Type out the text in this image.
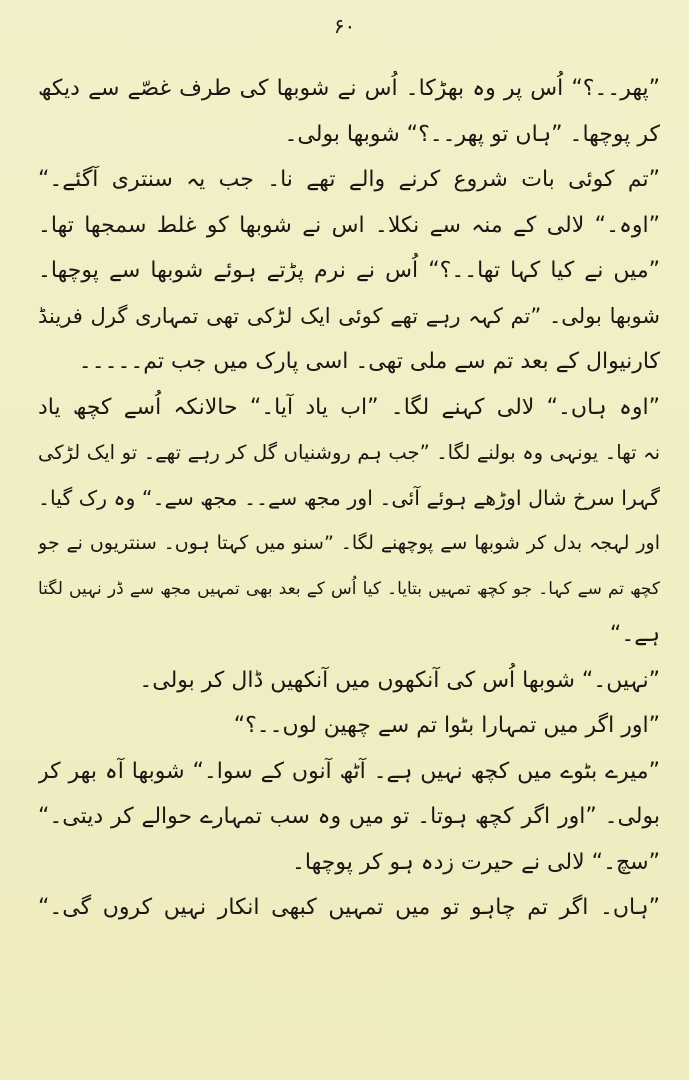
۶۰
”پھر۔۔؟“ اُس پر وہ بھڑکا۔ اُس نے شوبھا کی طرف غصّے سے دیکھ
کر پوچھا۔ ”ہاں تو پھر۔۔؟“ شوبھا بولی۔
”تم کوئی بات شروع کرنے والے تھے نا۔ جب یہ سنتری آگئے۔“
”اوہ۔“ لالی کے منہ سے نکلا۔ اس نے شوبھا کو غلط سمجھا تھا۔
”میں نے کیا کہا تھا۔۔؟“ اُس نے نرم پڑتے ہوئے شوبھا سے پوچھا۔
شوبھا بولی۔ ”تم کہہ رہے تھے کوئی ایک لڑکی تھی تمہاری گرل فرینڈ
کارنیوال کے بعد تم سے ملی تھی۔ اسی پارک میں جب تم۔۔۔۔۔
”اوہ ہاں۔“ لالی کہنے لگا۔ ”اب یاد آیا۔“ حالانکہ اُسے کچھ یاد
نہ تھا۔ یونہی وہ بولنے لگا۔ ”جب ہم روشنیاں گل کر رہے تھے۔ تو ایک لڑکی
گہرا سرخ شال اوڑھے ہوئے آئی۔ اور مجھ سے۔۔ مجھ سے۔“ وہ رک گیا۔
اور لہجہ بدل کر شوبھا سے پوچھنے لگا۔ ”سنو میں کہتا ہوں۔ سنتریوں نے جو
کچھ تم سے کہا۔ جو کچھ تمہیں بتایا۔ کیا اُس کے بعد بھی تمہیں مجھ سے ڈر نہیں لگتا
ہے۔“
”نہیں۔“ شوبھا اُس کی آنکھوں میں آنکھیں ڈال کر بولی۔
”اور اگر میں تمہارا بٹوا تم سے چھین لوں۔۔؟“
”میرے بٹوے میں کچھ نہیں ہے۔ آٹھ آنوں کے سوا۔“ شوبھا آہ بھر کر
بولی۔ ”اور اگر کچھ ہوتا۔ تو میں وہ سب تمہارے حوالے کر دیتی۔“
”سچ۔“ لالی نے حیرت زدہ ہو کر پوچھا۔
”ہاں۔ اگر تم چاہو تو میں تمہیں کبھی انکار نہیں کروں گی۔“
